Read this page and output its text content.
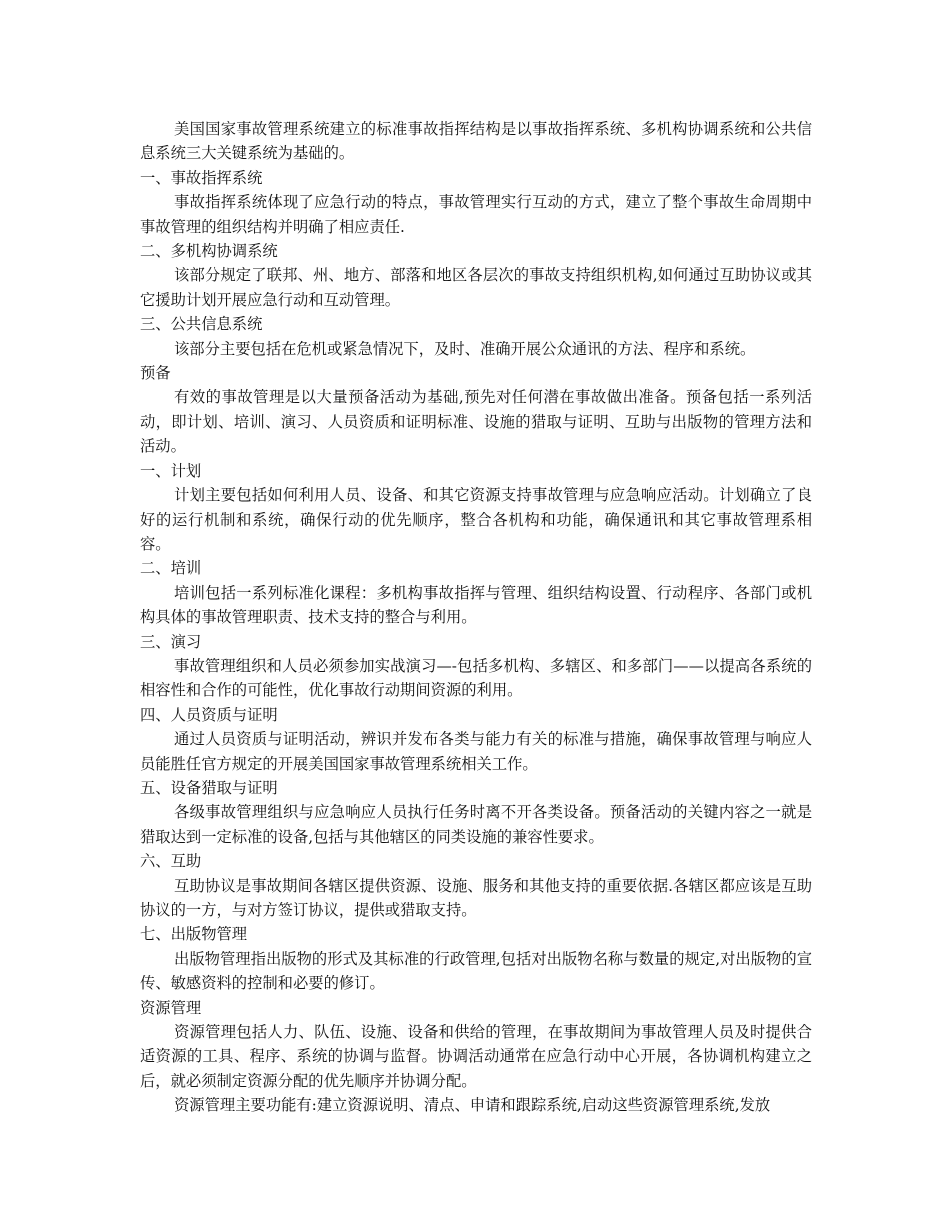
美国国家事故管理系统建立的标准事故指挥结构是以事故指挥系统、多机构协调系统和公共信息系统三大关键系统为基础的。

一、事故指挥系统

事故指挥系统体现了应急行动的特点，事故管理实行互动的方式，建立了整个事故生命周期中事故管理的组织结构并明确了相应责任.

二、多机构协调系统

该部分规定了联邦、州、地方、部落和地区各层次的事故支持组织机构,如何通过互助协议或其它援助计划开展应急行动和互动管理。

三、公共信息系统

该部分主要包括在危机或紧急情况下，及时、准确开展公众通讯的方法、程序和系统。

预备

有效的事故管理是以大量预备活动为基础,预先对任何潜在事故做出准备。预备包括一系列活动，即计划、培训、演习、人员资质和证明标准、设施的猎取与证明、互助与出版物的管理方法和活动。

一、计划

计划主要包括如何利用人员、设备、和其它资源支持事故管理与应急响应活动。计划确立了良好的运行机制和系统，确保行动的优先顺序，整合各机构和功能，确保通讯和其它事故管理系相容。

二、培训

培训包括一系列标准化课程：多机构事故指挥与管理、组织结构设置、行动程序、各部门或机构具体的事故管理职责、技术支持的整合与利用。

三、演习

事故管理组织和人员必须参加实战演习—-包括多机构、多辖区、和多部门——以提高各系统的相容性和合作的可能性，优化事故行动期间资源的利用。

四、人员资质与证明

通过人员资质与证明活动，辨识并发布各类与能力有关的标准与措施，确保事故管理与响应人员能胜任官方规定的开展美国国家事故管理系统相关工作。

五、设备猎取与证明

各级事故管理组织与应急响应人员执行任务时离不开各类设备。预备活动的关键内容之一就是猎取达到一定标准的设备,包括与其他辖区的同类设施的兼容性要求。

六、互助

互助协议是事故期间各辖区提供资源、设施、服务和其他支持的重要依据.各辖区都应该是互助协议的一方，与对方签订协议，提供或猎取支持。

七、出版物管理

出版物管理指出版物的形式及其标准的行政管理,包括对出版物名称与数量的规定,对出版物的宣传、敏感资料的控制和必要的修订。

资源管理

资源管理包括人力、队伍、设施、设备和供给的管理，在事故期间为事故管理人员及时提供合适资源的工具、程序、系统的协调与监督。协调活动通常在应急行动中心开展，各协调机构建立之后，就必须制定资源分配的优先顺序并协调分配。

资源管理主要功能有:建立资源说明、清点、申请和跟踪系统,启动这些资源管理系统,发放
